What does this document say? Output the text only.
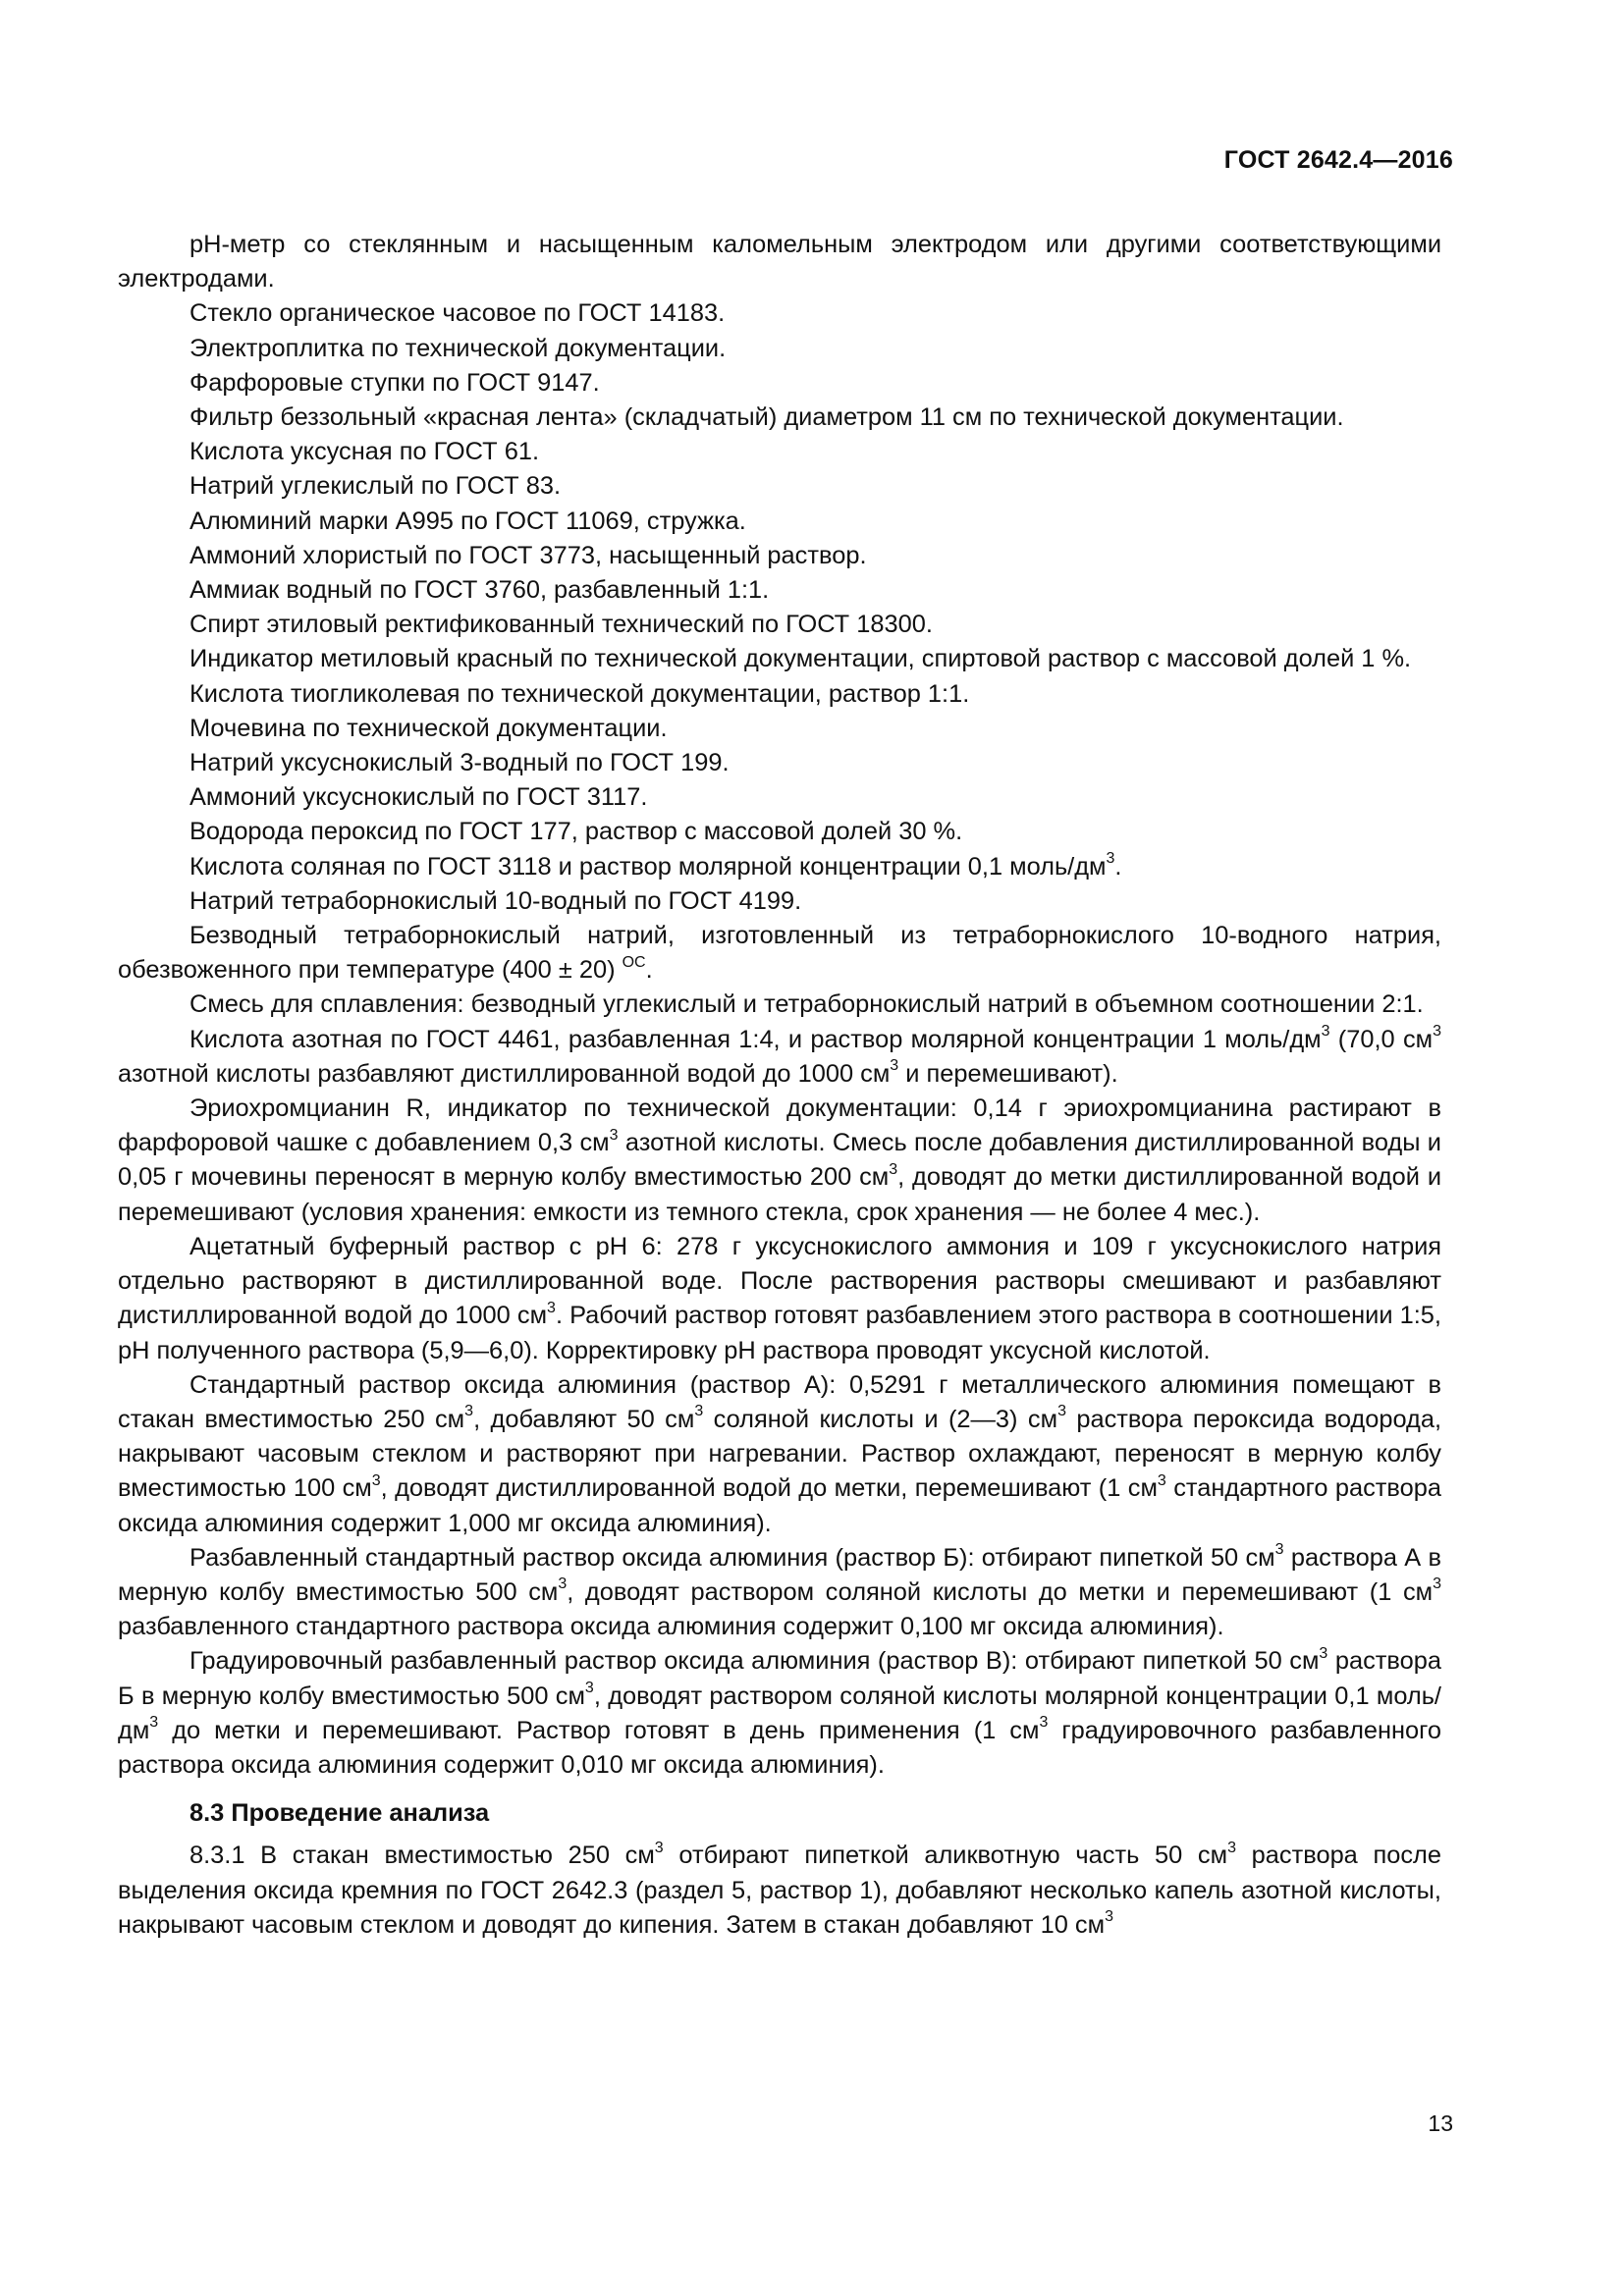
ГОСТ 2642.4—2016
pH-метр со стеклянным и насыщенным каломельным электродом или другими соответствующими электродами.
Стекло органическое часовое по ГОСТ 14183.
Электроплитка по технической документации.
Фарфоровые ступки по ГОСТ 9147.
Фильтр беззольный «красная лента» (складчатый) диаметром 11 см по технической документации.
Кислота уксусная по ГОСТ 61.
Натрий углекислый по ГОСТ 83.
Алюминий марки А995 по ГОСТ 11069, стружка.
Аммоний хлористый по ГОСТ 3773, насыщенный раствор.
Аммиак водный по ГОСТ 3760, разбавленный 1:1.
Спирт этиловый ректификованный технический по ГОСТ 18300.
Индикатор метиловый красный по технической документации, спиртовой раствор с массовой долей 1 %.
Кислота тиогликолевая по технической документации, раствор 1:1.
Мочевина по технической документации.
Натрий уксуснокислый 3-водный по ГОСТ 199.
Аммоний уксуснокислый по ГОСТ 3117.
Водорода пероксид по ГОСТ 177, раствор с массовой долей 30 %.
Кислота соляная по ГОСТ 3118 и раствор молярной концентрации 0,1 моль/$дм^3$.
Натрий тетраборнокислый 10-водный по ГОСТ 4199.
Безводный тетраборнокислый натрий, изготовленный из тетраборнокислого 10-водного натрия, обезвоженного при температуре (400 ± 20) $^{ОС}$.
Смесь для сплавления: безводный углекислый и тетраборнокислый натрий в объемном соотношении 2:1.
Кислота азотная по ГОСТ 4461, разбавленная 1:4, и раствор молярной концентрации 1 моль/$дм^3$ (70,0 $см^3$ азотной кислоты разбавляют дистиллированной водой до 1000 $см^3$ и перемешивают).
Эриохромцианин R, индикатор по технической документации: 0,14 г эриохромцианина растирают в фарфоровой чашке с добавлением 0,3 $см^3$ азотной кислоты. Смесь после добавления дистиллированной воды и 0,05 г мочевины переносят в мерную колбу вместимостью 200 $см^3$, доводят до метки дистиллированной водой и перемешивают (условия хранения: емкости из темного стекла, срок хранения — не более 4 мес.).
Ацетатный буферный раствор с рН 6: 278 г уксуснокислого аммония и 109 г уксуснокислого натрия отдельно растворяют в дистиллированной воде. После растворения растворы смешивают и разбавляют дистиллированной водой до 1000 $см^3$. Рабочий раствор готовят разбавлением этого раствора в соотношении 1:5, рН полученного раствора (5,9—6,0). Корректировку рН раствора проводят уксусной кислотой.
Стандартный раствор оксида алюминия (раствор А): 0,5291 г металлического алюминия помещают в стакан вместимостью 250 $см^3$, добавляют 50 $см^3$ соляной кислоты и (2—3) $см^3$ раствора пероксида водорода, накрывают часовым стеклом и растворяют при нагревании. Раствор охлаждают, переносят в мерную колбу вместимостью 100 $см^3$, доводят дистиллированной водой до метки, перемешивают (1 $см^3$ стандартного раствора оксида алюминия содержит 1,000 мг оксида алюминия).
Разбавленный стандартный раствор оксида алюминия (раствор Б): отбирают пипеткой 50 $см^3$ раствора А в мерную колбу вместимостью 500 $см^3$, доводят раствором соляной кислоты до метки и перемешивают (1 $см^3$ разбавленного стандартного раствора оксида алюминия содержит 0,100 мг оксида алюминия).
Градуировочный разбавленный раствор оксида алюминия (раствор В): отбирают пипеткой 50 $см^3$ раствора Б в мерную колбу вместимостью 500 $см^3$, доводят раствором соляной кислоты молярной концентрации 0,1 моль/$дм^3$ до метки и перемешивают. Раствор готовят в день применения (1 $см^3$ градуировочного разбавленного раствора оксида алюминия содержит 0,010 мг оксида алюминия).
8.3 Проведение анализа
8.3.1 В стакан вместимостью 250 $см^3$ отбирают пипеткой аликвотную часть 50 $см^3$ раствора после выделения оксида кремния по ГОСТ 2642.3 (раздел 5, раствор 1), добавляют несколько капель азотной кислоты, накрывают часовым стеклом и доводят до кипения. Затем в стакан добавляют 10 $см^3$
13
